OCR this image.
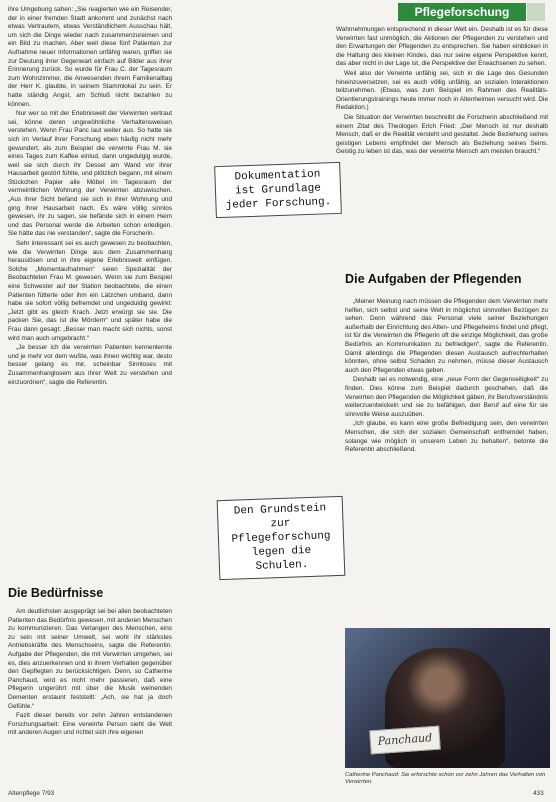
Pflegeforschung

ihre Umgebung sahen: „Sie reagierten wie ein Reisender, der in einer fremden Stadt ankommt und zunächst nach etwas Vertrautem, etwas Verständlichem Ausschau hält, um sich die Dinge wieder nach zusammenzureimen und ein Bild zu machen. Aber weil diese fünf Patienten zur Aufnahme neuer Informationen unfähig waren, griffen sie zur Deutung ihrer Gegenwart einfach auf Bilder aus ihrer Erinnerung zurück. So wurde für Frau C. der Tagesraum zum Wohnzimmer, die Anwesenden ihrem Familienalltag der Herr K. glaubte, in seinem Stammlokal zu sein. Er hatte ständig Angst, am Schluß nicht bezahlen zu können.

Nur wer so mit der Erlebniswelt der Verwirrten vertraut sei, könne deren ungewöhnliche Verhaltensweisen verstehen. Wenn Frau Panc laut weiter aus. So hatte sie sich im Verlauf ihrer Forschung eben häufig nicht mehr gewundert, als zum Beispiel die verwirrte Frau M. sie eines Tages zum Kaffee einlud, dann ungedulgig wurde, weil sie sich durch ihr Dessel am Wand vor ihrer Hausarbeit gestört fühlte, und plötzlich begann, mit einem Stückchen Papier alle Möbel im Tagesraum der vermeintlichen Wohnung der Verwirrten abzuwischen. „Aus ihrer Sicht befand sie sich in ihrer Wohnung und ging ihrer Hausarbeit nach. Es wäre völlig sinnlos gewesen, ihr zu sagen, sie befände sich in einem Heim und das Personal werde die Arbeiten schon erledigen. Sie hätte das nie verstanden“, sagte die Forscherin.

Sehr interessant sei es auch gewesen zu beobachten, wie die Verwirrten Dinge aus dem Zusammenhang herauslösen und in ihre eigene Erlebniswelt einfügen. Solche „Momentaufnahmen“ seien Spezialität der Beobachteten Frau M. gewesen. Wenn sie zum Beispiel eine Schwester auf der Station beobachtete, die einen Patienten fütterte oder ihm ein Lätzchen umband, dann habe sie sofort völlig befremdet und ungeduldig gewirkt: „Jetzt gibt es gleich Krach. Jetzt erwürgt sie sie. Die packen Sie, das ist die Mördern“ und später habe die Frau dann gesagt: „Besser man macht sich nichts, sonst wird man auch umgebracht.“

„Je besser ich die verwirrten Patienten kennenlernte und je mehr vor dem wußte, was ihnen wichtig war, desto besser gelang es mir, scheinbar Sinnloses mit Zusammenhanglosem aus ihrer Welt zu verstehen und einzuordnen“, sagte die Referentin.

Dokumentation ist Grundlage jeder Forschung.
Den Grundstein zur Pflegeforschung legen die Schulen.
Die Bedürfnisse

Am deutlichsten ausgeprägt sei bei allen beobachteten Patienten das Bedürfnis gewesen, mit anderen Menschen zu kommunizieren. Das Verlangen des Menschen, eins zu sein mit seiner Umwelt, sei wohl ihr stärkstes Antriebskräfte des Menschseins, sagte die Referentin. Aufgabe der Pflegenden, die mit Verwirrten umgehen, sei es, dies anzuerkennen und in ihrem Verhalten gegenüber den Gepflegten zu berücksichtigen. Denn, so Catherine Panchaud, wird es nicht mehr passieren, daß eine Pflegerin ungerührt mit über die Musik weinenden Dementen erstaunt feststellt: „Ach, sie hat ja doch Gefühle.“

Fazit dieser bereits vor zehn Jahren entstandenen Forschungsarbeit: Eine verwirrte Person sieht die Welt mit anderen Augen und richtet sich ihre eigenen

Wahrnehmungen entsprechend in dieser Welt ein. Deshalb ist es für diese Verwirrten fast unmöglich, die Aktionen der Pflegenden zu verstehen und den Erwartungen der Pflegenden zu entsprechen. Sie haben einblicken in die Haltung des kleinen Kindes, das nur seine eigene Perspektive kennt, das aber nicht in der Lage ist, die Perspektive der Erwachsenen zu sehen.

Weil also der Verwirrte unfähig sei, sich in die Lage des Gesunden hineinzuversetzen, sei es auch völlig unfähig, an sozialen Interaktionen teilzunehmen. (Etwas, was zum Beispiel im Rahmen des Realitäts-Orientierungstrainings heute immer noch in Altenheimen versucht wird. Die Redaktion.)

Die Situation der Verwirrten beschreibt die Forscherin abschließend mit einem Zitat des Theologen Erich Fried: „Der Mensch ist nur deshalb Mensch, daß er die Realität versteht und gestaltet. Jede Beziehung seines geistigen Lebens empfindet der Mensch als Beziehung seines Seins. Geistig zu leben ist das, was der verwirrte Mensch am meisten braucht.“

Die Aufgaben der Pflegenden

„Meiner Meinung nach müssen die Pflegenden dem Verwirrten mehr helfen, sich selbst und seine Welt in möglichst sinnvollen Bezügen zu sehen. Denn während das Personal viele seiner Beziehungen außerhalb der Einrichtung des Alten- und Pflegeheims findet und pflegt, ist für die Verwirrten die Pflegerin oft die einzige Möglichkeit, das große Bedürfnis an Kommunikation zu befriedigen“, sagte die Referentin. Damit allerdings die Pflegenden diesen Austausch aufrechterhalten könnten, ohne selbst Schaden zu nehmen, müsse dieser Austausch auch den Pflegenden etwas geben.

Deshalb sei es notwendig, eine „neue Form der Gegenseitigkeit“ zu finden. Dies könne zum Beispiel dadurch geschehen, daß die Verwirrten den Pflegenden die Möglichkeit gäben, ihr Berufsverständnis weiterzuentwickeln und sie zu befähigen, den Beruf auf eine für sie sinnvolle Weise auszuüben.

„Ich glaube, es kann eine große Befriedigung sein, den verwirrten Menschen, die sich der sozialen Gemeinschaft entfremdet haben, solange wie möglich in unserem Leben zu behalten“, betonte die Referentin abschließend.

Panchaud
Catherine Panchaud: Sie erforschte schon vor zehn Jahren das Verhalten von Verwirrten.
Altenpflege 7/93	433
